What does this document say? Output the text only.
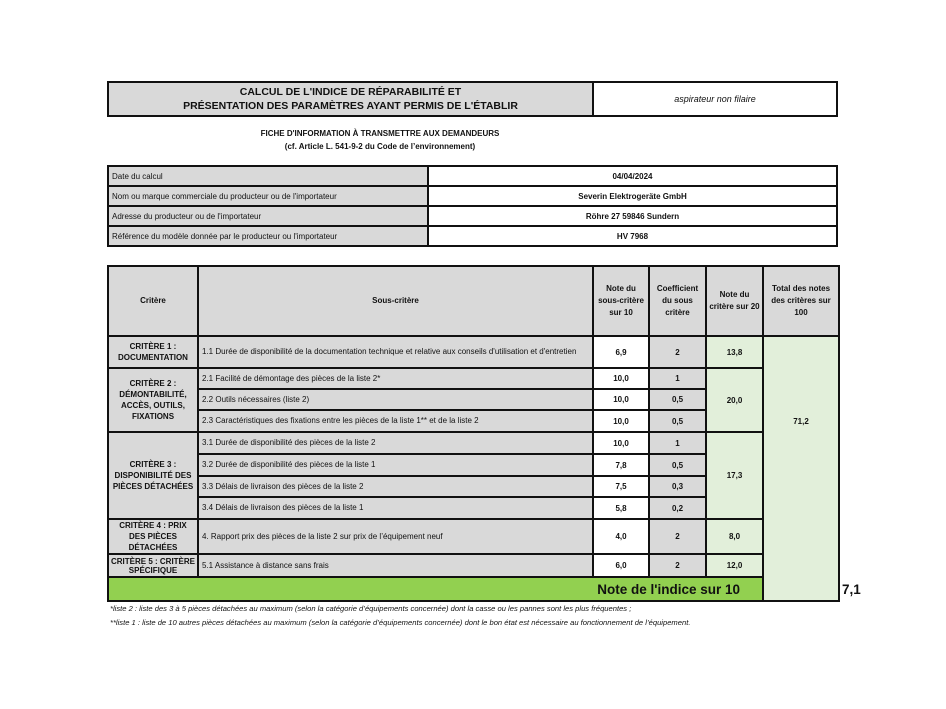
CALCUL DE L'INDICE DE RÉPARABILITÉ ET
PRÉSENTATION DES PARAMÈTRES AYANT PERMIS DE L'ÉTABLIR
aspirateur non filaire
FICHE D'INFORMATION À TRANSMETTRE AUX DEMANDEURS
(cf. Article L. 541-9-2 du Code de l’environnement)
Date du calcul	04/04/2024
Nom ou marque commerciale du producteur ou de l'importateur	Severin Elektrogeräte GmbH
Adresse du producteur ou de l'importateur	Röhre 27 59846 Sundern
Référence du modèle donnée par le producteur ou l'importateur	HV 7968
Critère	Sous-critère	Note du sous-critère sur 10	Coefficient du sous critère	Note du critère sur 20	Total des notes des critères sur 100	
CRITÈRE 1 : DOCUMENTATION	1.1 Durée de disponibilité de la documentation technique et relative aux conseils d'utilisation et d'entretien	6,9	2	13,8	71,2	
CRITÈRE 2 : DÉMONTABILITÉ, ACCÈS, OUTILS, FIXATIONS	2.1 Facilité de démontage des pièces de la liste 2*	10,0	1	20,0		
	2.2 Outils nécessaires (liste 2)	10,0	0,5			
	2.3 Caractéristiques des fixations entre les pièces de la liste 1** et de la liste 2	10,0	0,5			
CRITÈRE 3 : DISPONIBILITÉ DES PIÈCES DÉTACHÉES	3.1 Durée de disponibilité des pièces de la liste 2	10,0	1	17,3		
	3.2 Durée de disponibilité des pièces de la liste 1	7,8	0,5			
	3.3 Délais de livraison des pièces de la liste 2	7,5	0,3			
	3.4 Délais de livraison des pièces de la liste 1	5,8	0,2			
CRITÈRE 4 : PRIX DES PIÈCES DÉTACHÉES	4. Rapport prix des pièces de la liste 2 sur prix de l’équipement neuf	4,0	2	8,0		
CRITÈRE 5 : CRITÈRE SPÉCIFIQUE	5.1 Assistance à distance sans frais	6,0	2	12,0		
Note de l'indice sur 10						7,1
*liste 2 : liste des 3 à 5 pièces détachées au maximum (selon la catégorie d’équipements concernée) dont la casse ou les pannes sont les plus fréquentes ;
**liste 1 : liste de 10 autres pièces détachées au maximum (selon la catégorie d’équipements concernée) dont le bon état est nécessaire au fonctionnement de l’équipement.
